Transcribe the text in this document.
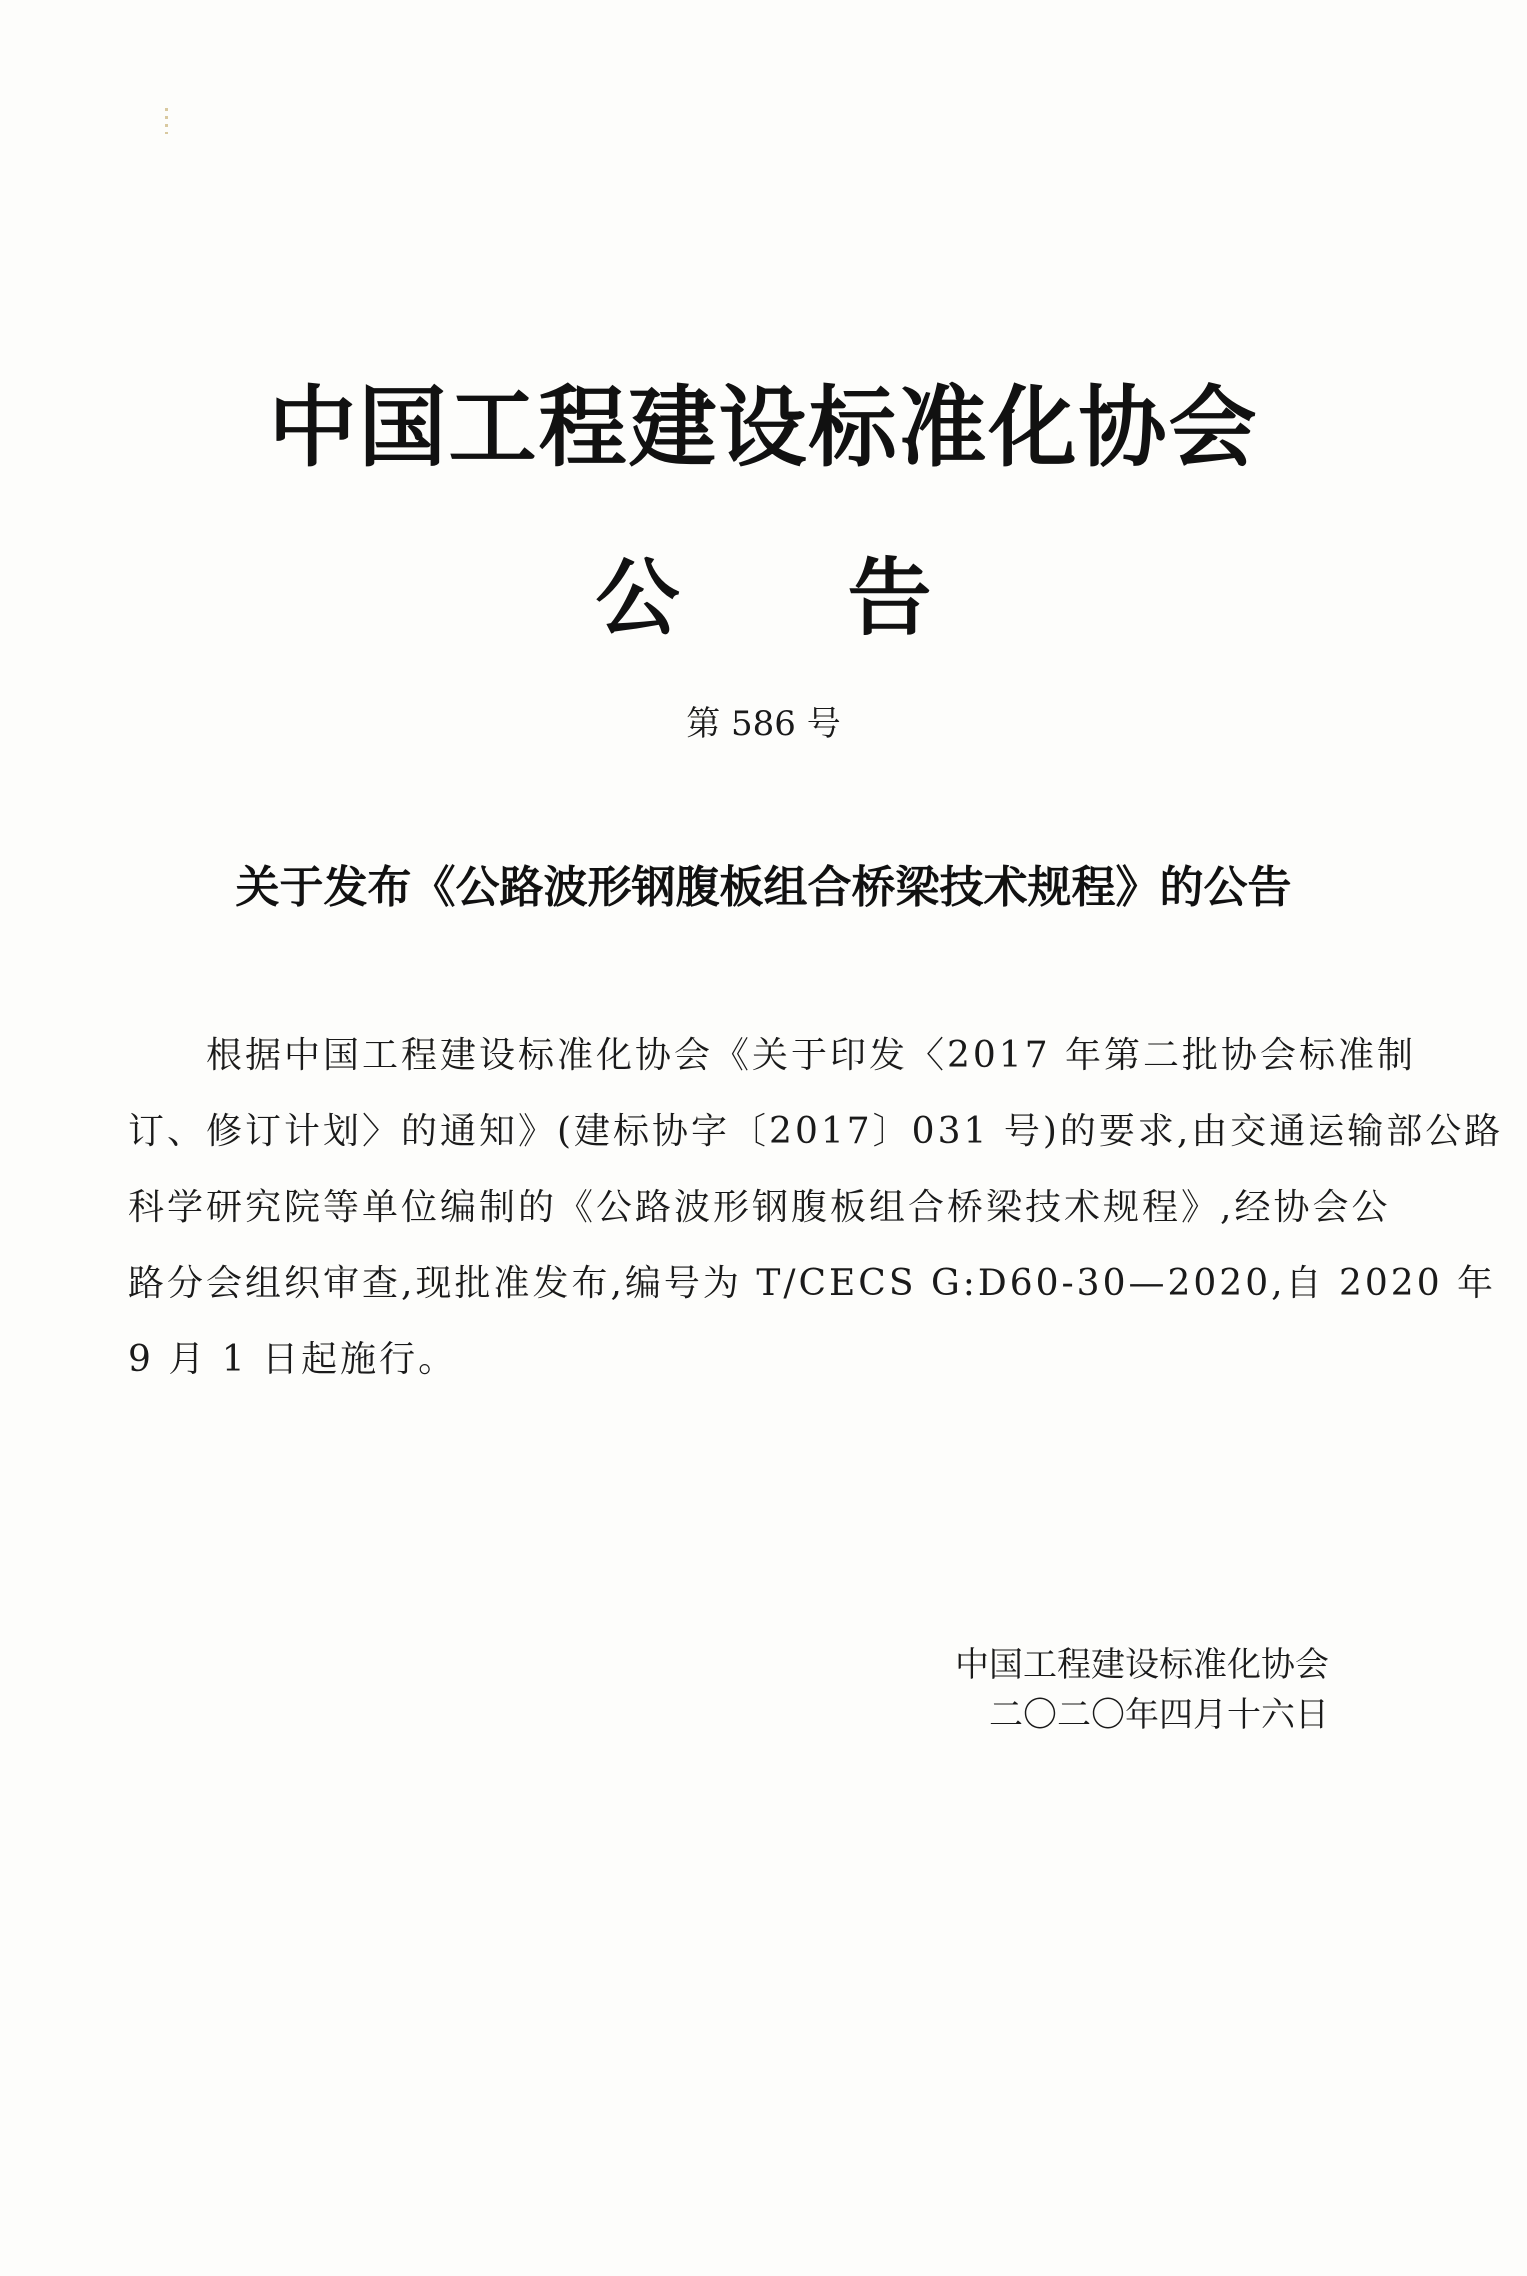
中国工程建设标准化协会
公 告
第 586 号
关于发布《公路波形钢腹板组合桥梁技术规程》的公告
根据中国工程建设标准化协会《关于印发〈2017 年第二批协会标准制
订、修订计划〉的通知》(建标协字〔2017〕031 号)的要求,由交通运输部公路
科学研究院等单位编制的《公路波形钢腹板组合桥梁技术规程》,经协会公
路分会组织审查,现批准发布,编号为 T/CECS G:D60-30—2020,自 2020 年
9 月 1 日起施行。
中国工程建设标准化协会
二〇二〇年四月十六日
